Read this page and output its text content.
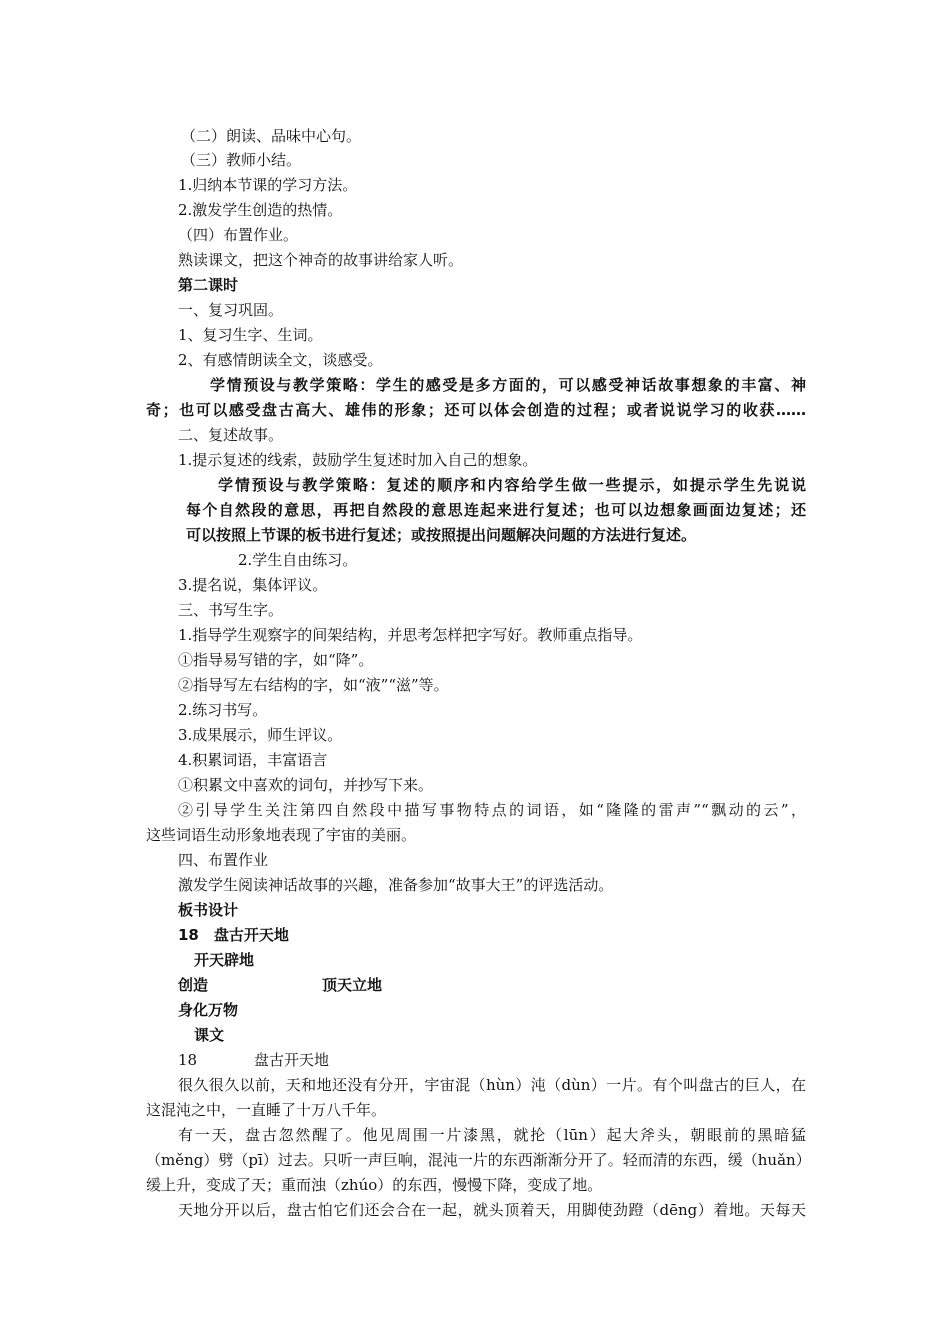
（二）朗读、品味中心句。
（三）教师小结。
1.归纳本节课的学习方法。
2.激发学生创造的热情。
（四）布置作业。
熟读课文，把这个神奇的故事讲给家人听。
第二课时
一、复习巩固。
1、复习生字、生词。
2、有感情朗读全文，谈感受。
学情预设与教学策略：学生的感受是多方面的，可以感受神话故事想象的丰富、神
奇；也可以感受盘古高大、雄伟的形象；还可以体会创造的过程；或者说说学习的收获……
二、复述故事。
1.提示复述的线索，鼓励学生复述时加入自己的想象。
学情预设与教学策略：复述的顺序和内容给学生做一些提示，如提示学生先说说
每个自然段的意思，再把自然段的意思连起来进行复述；也可以边想象画面边复述；还
可以按照上节课的板书进行复述；或按照提出问题解决问题的方法进行复述。
2.学生自由练习。
3.提名说，集体评议。
三、书写生字。
1.指导学生观察字的间架结构，并思考怎样把字写好。教师重点指导。
①指导易写错的字，如“降”。
②指导写左右结构的字，如“液”“滋”等。
2.练习书写。
3.成果展示，师生评议。
4.积累词语，丰富语言
①积累文中喜欢的词句，并抄写下来。
②引导学生关注第四自然段中描写事物特点的词语，如“隆隆的雷声”“飘动的云”，
这些词语生动形象地表现了宇宙的美丽。
四、布置作业
激发学生阅读神话故事的兴趣，准备参加“故事大王”的评选活动。
板书设计
18　盘古开天地
开天辟地
创造	顶天立地
身化万物
课文
18	盘古开天地
很久很久以前，天和地还没有分开，宇宙混（hùn）沌（dùn）一片。有个叫盘古的巨人，在
这混沌之中，一直睡了十万八千年。
有一天，盘古忽然醒了。他见周围一片漆黑，就抡（lūn）起大斧头，朝眼前的黑暗猛
（měng）劈（pī）过去。只听一声巨响，混沌一片的东西渐渐分开了。轻而清的东西，缓（huǎn）
缓上升，变成了天；重而浊（zhúo）的东西，慢慢下降，变成了地。
天地分开以后，盘古怕它们还会合在一起，就头顶着天，用脚使劲蹬（dēng）着地。天每天
